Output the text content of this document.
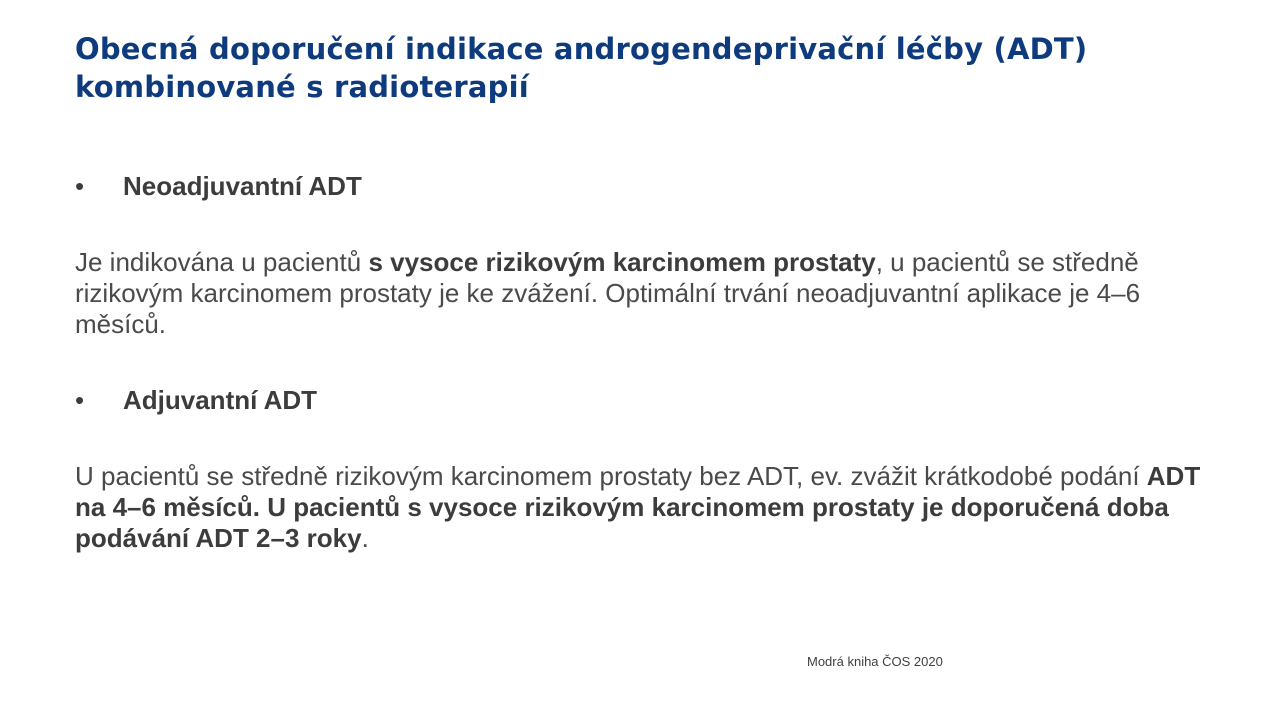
Obecná doporučení indikace androgendeprivační léčby (ADT) kombinované s radioterapií
•	Neoadjuvantní ADT

Je indikována u pacientů s vysoce rizikovým karcinomem prostaty, u pacientů se středně rizikovým karcinomem prostaty je ke zvážení. Optimální trvání neoadjuvantní aplikace je 4–6 měsíců.

•	Adjuvantní ADT

U pacientů se středně rizikovým karcinomem prostaty bez ADT, ev. zvážit krátkodobé podání ADT na 4–6 měsíců. U pacientů s vysoce rizikovým karcinomem prostaty je doporučená doba podávání ADT 2–3 roky.

Modrá kniha ČOS 2020
